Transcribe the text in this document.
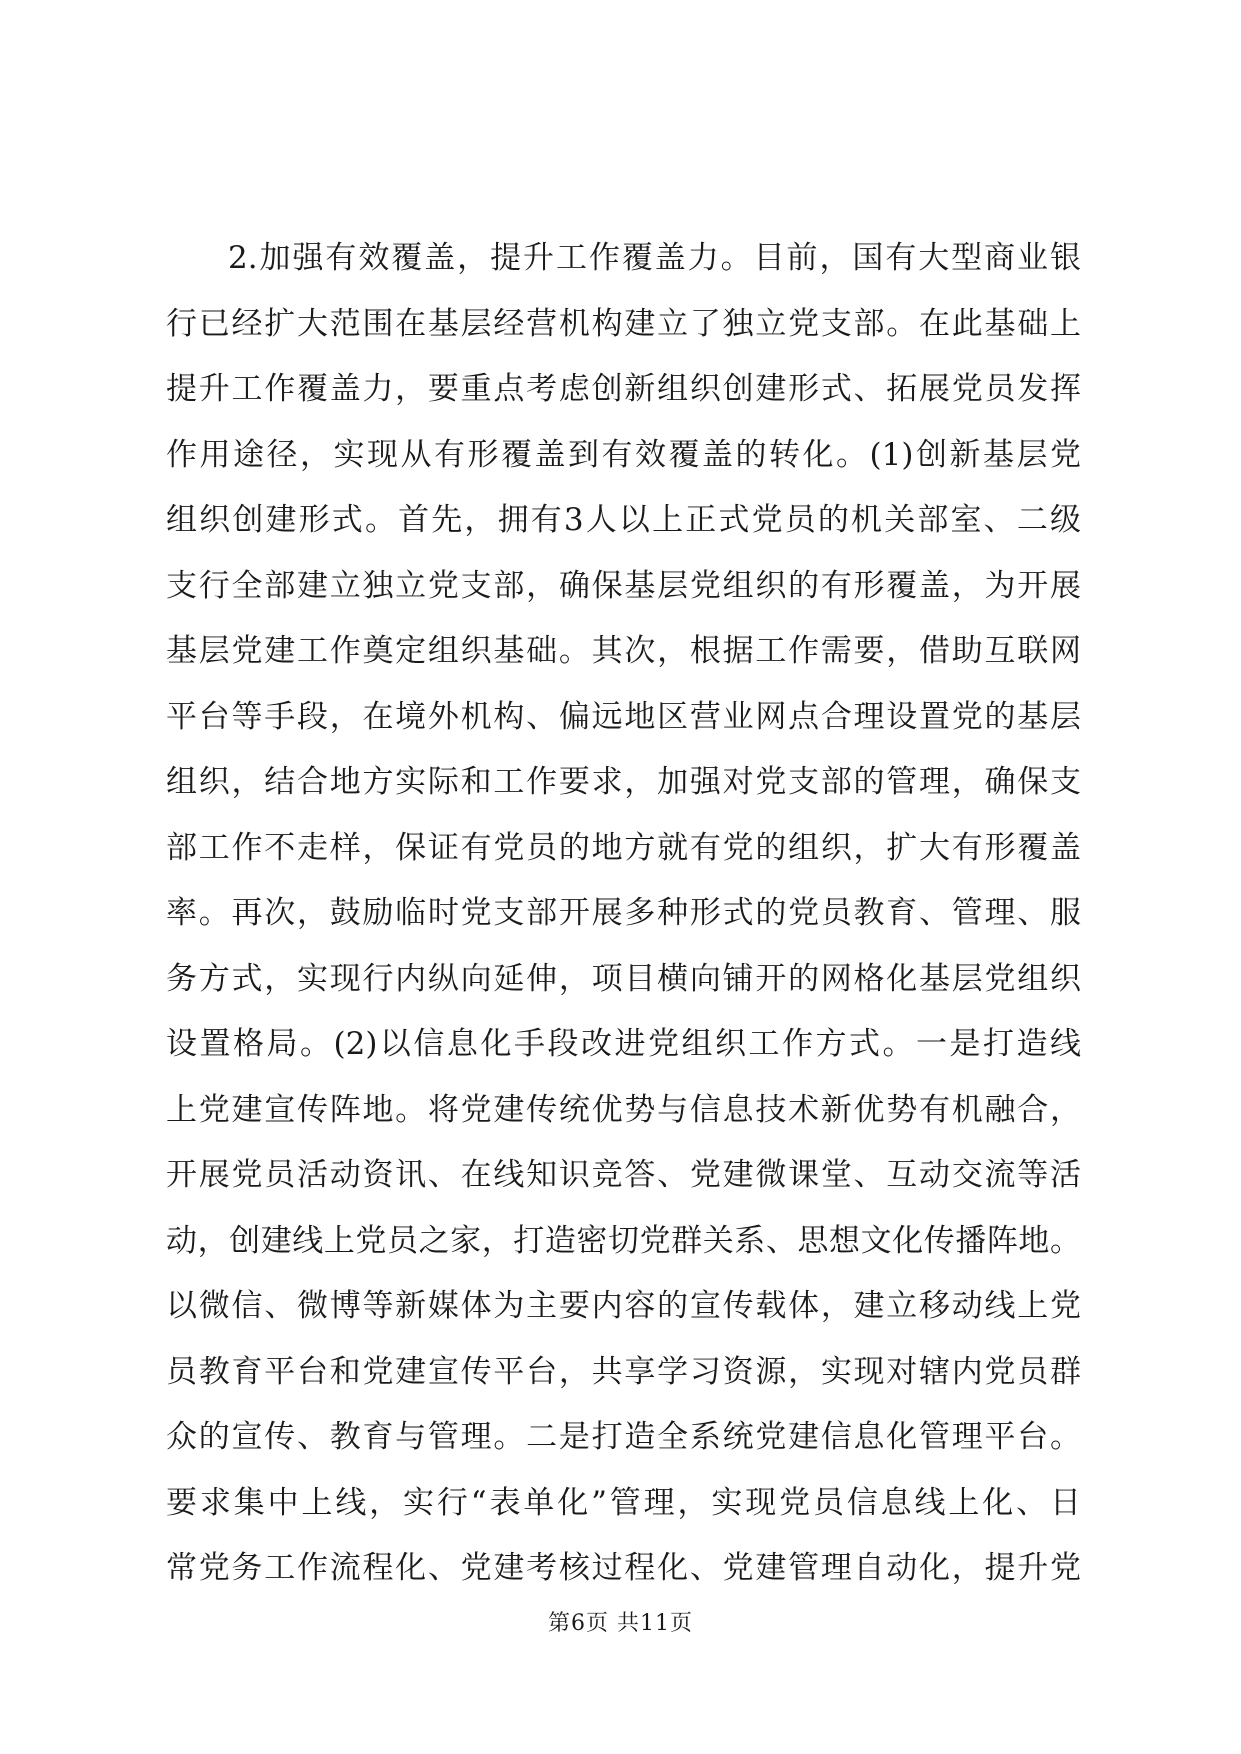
2.加强有效覆盖，提升工作覆盖力。目前，国有大型商业银
行已经扩大范围在基层经营机构建立了独立党支部。在此基础上
提升工作覆盖力，要重点考虑创新组织创建形式、拓展党员发挥
作用途径，实现从有形覆盖到有效覆盖的转化。(1)创新基层党
组织创建形式。首先，拥有3人以上正式党员的机关部室、二级
支行全部建立独立党支部，确保基层党组织的有形覆盖，为开展
基层党建工作奠定组织基础。其次，根据工作需要，借助互联网
平台等手段，在境外机构、偏远地区营业网点合理设置党的基层
组织，结合地方实际和工作要求，加强对党支部的管理，确保支
部工作不走样，保证有党员的地方就有党的组织，扩大有形覆盖
率。再次，鼓励临时党支部开展多种形式的党员教育、管理、服
务方式，实现行内纵向延伸，项目横向铺开的网格化基层党组织
设置格局。(2)以信息化手段改进党组织工作方式。一是打造线
上党建宣传阵地。将党建传统优势与信息技术新优势有机融合，
开展党员活动资讯、在线知识竞答、党建微课堂、互动交流等活
动，创建线上党员之家，打造密切党群关系、思想文化传播阵地。
以微信、微博等新媒体为主要内容的宣传载体，建立移动线上党
员教育平台和党建宣传平台，共享学习资源，实现对辖内党员群
众的宣传、教育与管理。二是打造全系统党建信息化管理平台。
要求集中上线，实行“表单化”管理，实现党员信息线上化、日
常党务工作流程化、党建考核过程化、党建管理自动化，提升党
第6页 共11页
